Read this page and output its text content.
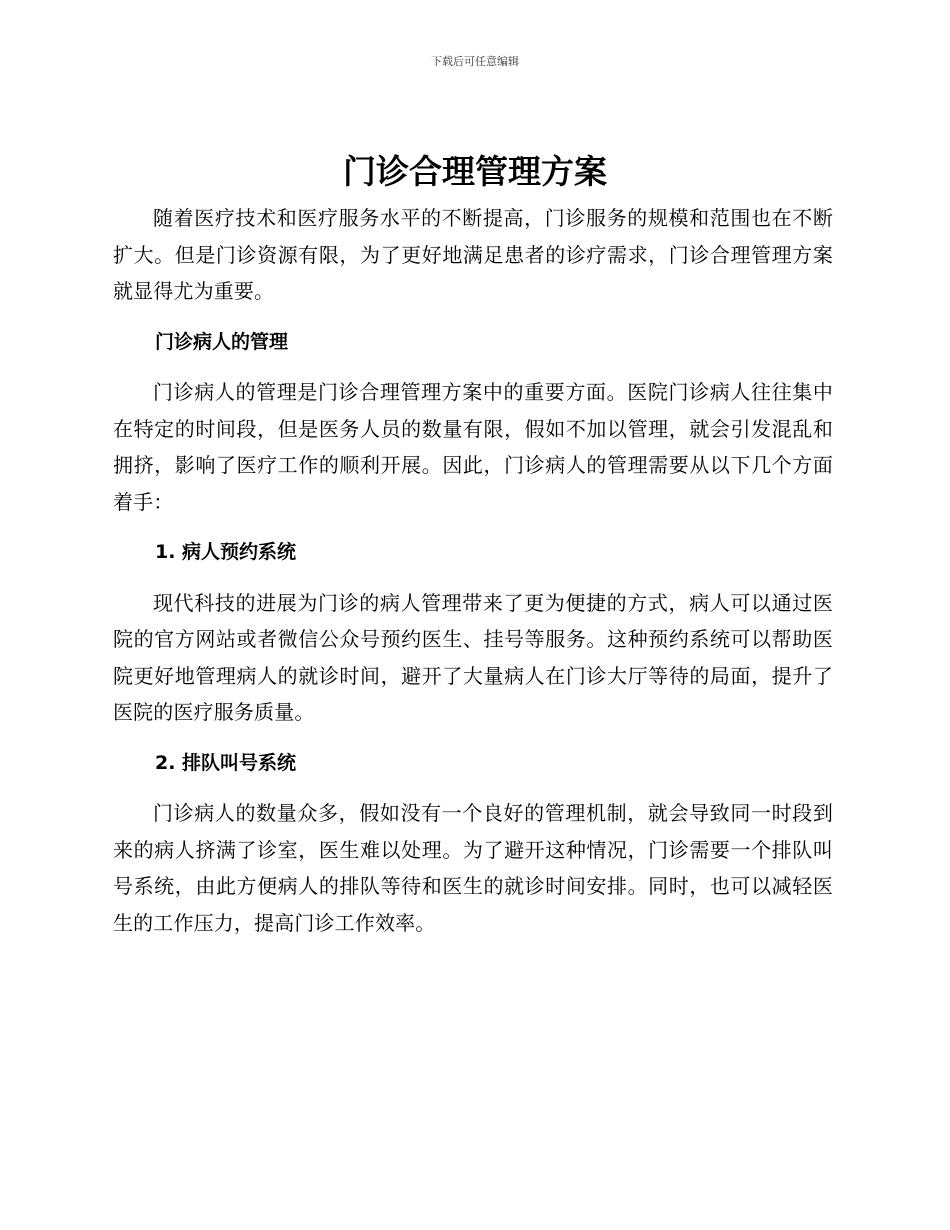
下载后可任意编辑
门诊合理管理方案

随着医疗技术和医疗服务水平的不断提高，门诊服务的规模和范围也在不断扩大。但是门诊资源有限，为了更好地满足患者的诊疗需求，门诊合理管理方案就显得尤为重要。

门诊病人的管理

门诊病人的管理是门诊合理管理方案中的重要方面。医院门诊病人往往集中在特定的时间段，但是医务人员的数量有限，假如不加以管理，就会引发混乱和拥挤，影响了医疗工作的顺利开展。因此，门诊病人的管理需要从以下几个方面着手：

1. 病人预约系统

现代科技的进展为门诊的病人管理带来了更为便捷的方式，病人可以通过医院的官方网站或者微信公众号预约医生、挂号等服务。这种预约系统可以帮助医院更好地管理病人的就诊时间，避开了大量病人在门诊大厅等待的局面，提升了医院的医疗服务质量。

2. 排队叫号系统

门诊病人的数量众多，假如没有一个良好的管理机制，就会导致同一时段到来的病人挤满了诊室，医生难以处理。为了避开这种情况，门诊需要一个排队叫号系统，由此方便病人的排队等待和医生的就诊时间安排。同时，也可以减轻医生的工作压力，提高门诊工作效率。
